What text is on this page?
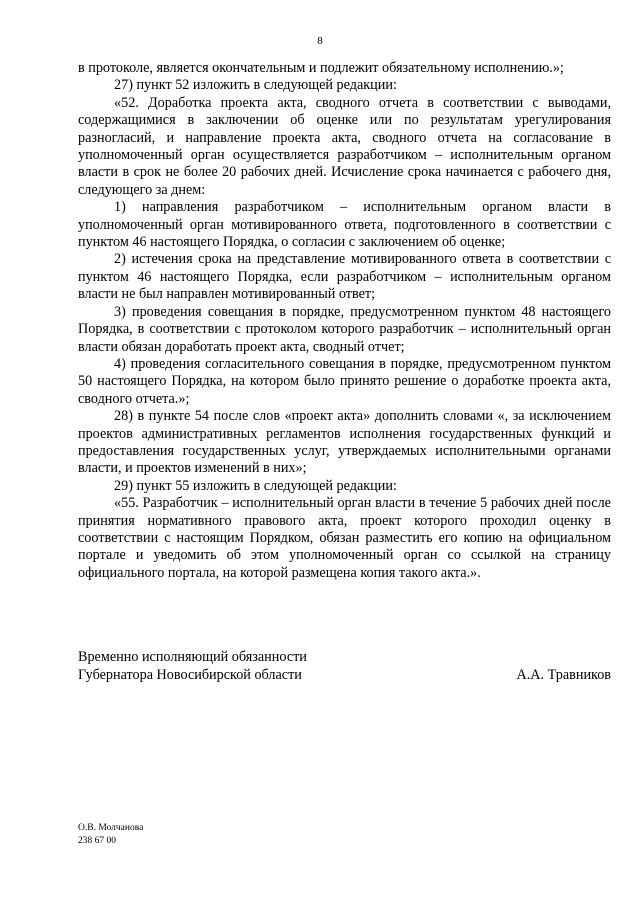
8

в протоколе, является окончательным и подлежит обязательному исполнению.»;

27) пункт 52 изложить в следующей редакции:

«52. Доработка проекта акта, сводного отчета в соответствии с выводами, содержащимися в заключении об оценке или по результатам урегулирования разногласий, и направление проекта акта, сводного отчета на согласование в уполномоченный орган осуществляется разработчиком – исполнительным органом власти в срок не более 20 рабочих дней. Исчисление срока начинается с рабочего дня, следующего за днем:

1) направления разработчиком – исполнительным органом власти в уполномоченный орган мотивированного ответа, подготовленного в соответствии с пунктом 46 настоящего Порядка, о согласии с заключением об оценке;

2) истечения срока на представление мотивированного ответа в соответствии с пунктом 46 настоящего Порядка, если разработчиком – исполнительным органом власти не был направлен мотивированный ответ;

3) проведения совещания в порядке, предусмотренном пунктом 48 настоящего Порядка, в соответствии с протоколом которого разработчик – исполнительный орган власти обязан доработать проект акта, сводный отчет;

4) проведения согласительного совещания в порядке, предусмотренном пунктом 50 настоящего Порядка, на котором было принято решение о доработке проекта акта, сводного отчета.»;

28) в пункте 54 после слов «проект акта» дополнить словами «, за исключением проектов административных регламентов исполнения государственных функций и предоставления государственных услуг, утверждаемых исполнительными органами власти, и проектов изменений в них»;

29) пункт 55 изложить в следующей редакции:

«55. Разработчик – исполнительный орган власти в течение 5 рабочих дней после принятия нормативного правового акта, проект которого проходил оценку в соответствии с настоящим Порядком, обязан разместить его копию на официальном портале и уведомить об этом уполномоченный орган со ссылкой на страницу официального портала, на которой размещена копия такого акта.».

Временно исполняющий обязанности
Губернатора Новосибирской области	А.А. Травников
О.В. Молчанова
238 67 00
